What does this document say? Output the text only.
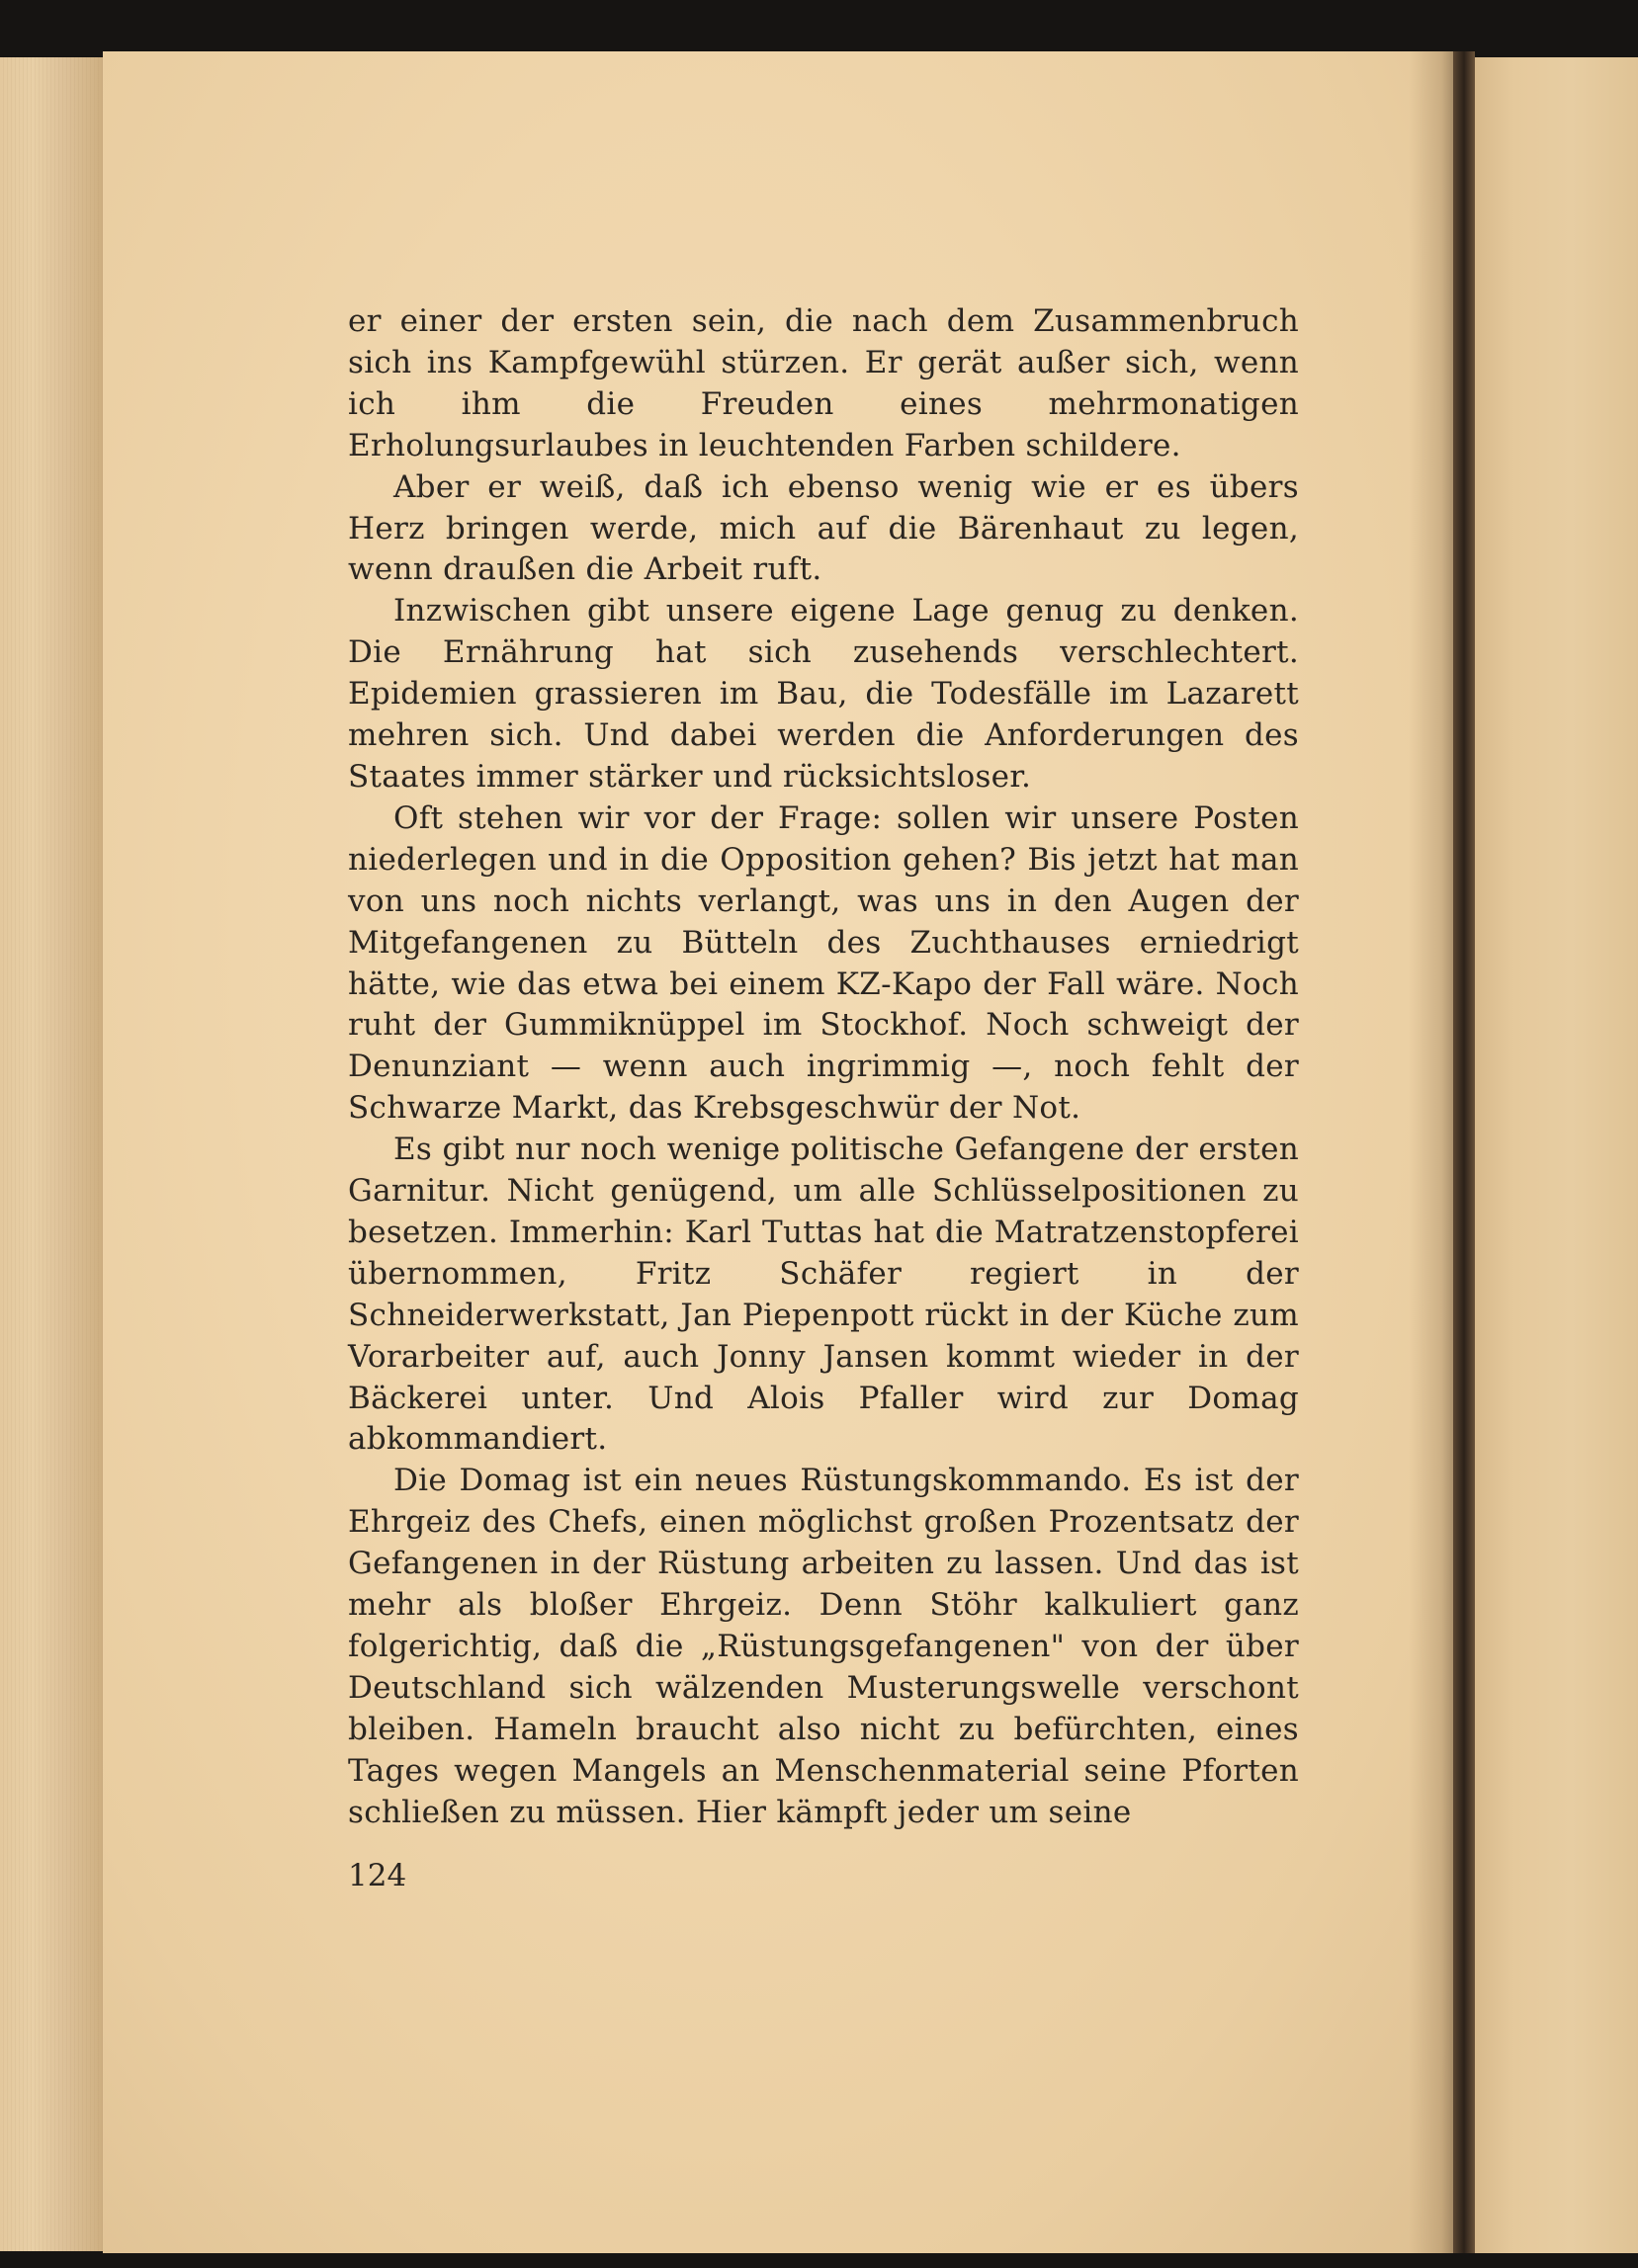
er einer der ersten sein, die nach dem Zusammenbruch sich ins Kampfgewühl stürzen. Er gerät außer sich, wenn ich ihm die Freuden eines mehrmonatigen Erholungsurlaubes in leuchtenden Farben schildere.

Aber er weiß, daß ich ebenso wenig wie er es übers Herz bringen werde, mich auf die Bärenhaut zu legen, wenn draußen die Arbeit ruft.

Inzwischen gibt unsere eigene Lage genug zu denken. Die Ernährung hat sich zusehends verschlechtert. Epidemien grassieren im Bau, die Todesfälle im Lazarett mehren sich. Und dabei werden die Anforderungen des Staates immer stärker und rücksichtsloser.

Oft stehen wir vor der Frage: sollen wir unsere Posten niederlegen und in die Opposition gehen? Bis jetzt hat man von uns noch nichts verlangt, was uns in den Augen der Mitgefangenen zu Bütteln des Zuchthauses erniedrigt hätte, wie das etwa bei einem KZ-Kapo der Fall wäre. Noch ruht der Gummiknüppel im Stockhof. Noch schweigt der Denunziant — wenn auch ingrimmig —, noch fehlt der Schwarze Markt, das Krebsgeschwür der Not.

Es gibt nur noch wenige politische Gefangene der ersten Garnitur. Nicht genügend, um alle Schlüsselpositionen zu besetzen. Immerhin: Karl Tuttas hat die Matratzenstopferei übernommen, Fritz Schäfer regiert in der Schneiderwerkstatt, Jan Piepenpott rückt in der Küche zum Vorarbeiter auf, auch Jonny Jansen kommt wieder in der Bäckerei unter. Und Alois Pfaller wird zur Domag abkommandiert.

Die Domag ist ein neues Rüstungskommando. Es ist der Ehrgeiz des Chefs, einen möglichst großen Prozentsatz der Gefangenen in der Rüstung arbeiten zu lassen. Und das ist mehr als bloßer Ehrgeiz. Denn Stöhr kalkuliert ganz folgerichtig, daß die „Rüstungsgefangenen" von der über Deutschland sich wälzenden Musterungswelle verschont bleiben. Hameln braucht also nicht zu befürchten, eines Tages wegen Mangels an Menschenmaterial seine Pforten schließen zu müssen. Hier kämpft jeder um seine

124
